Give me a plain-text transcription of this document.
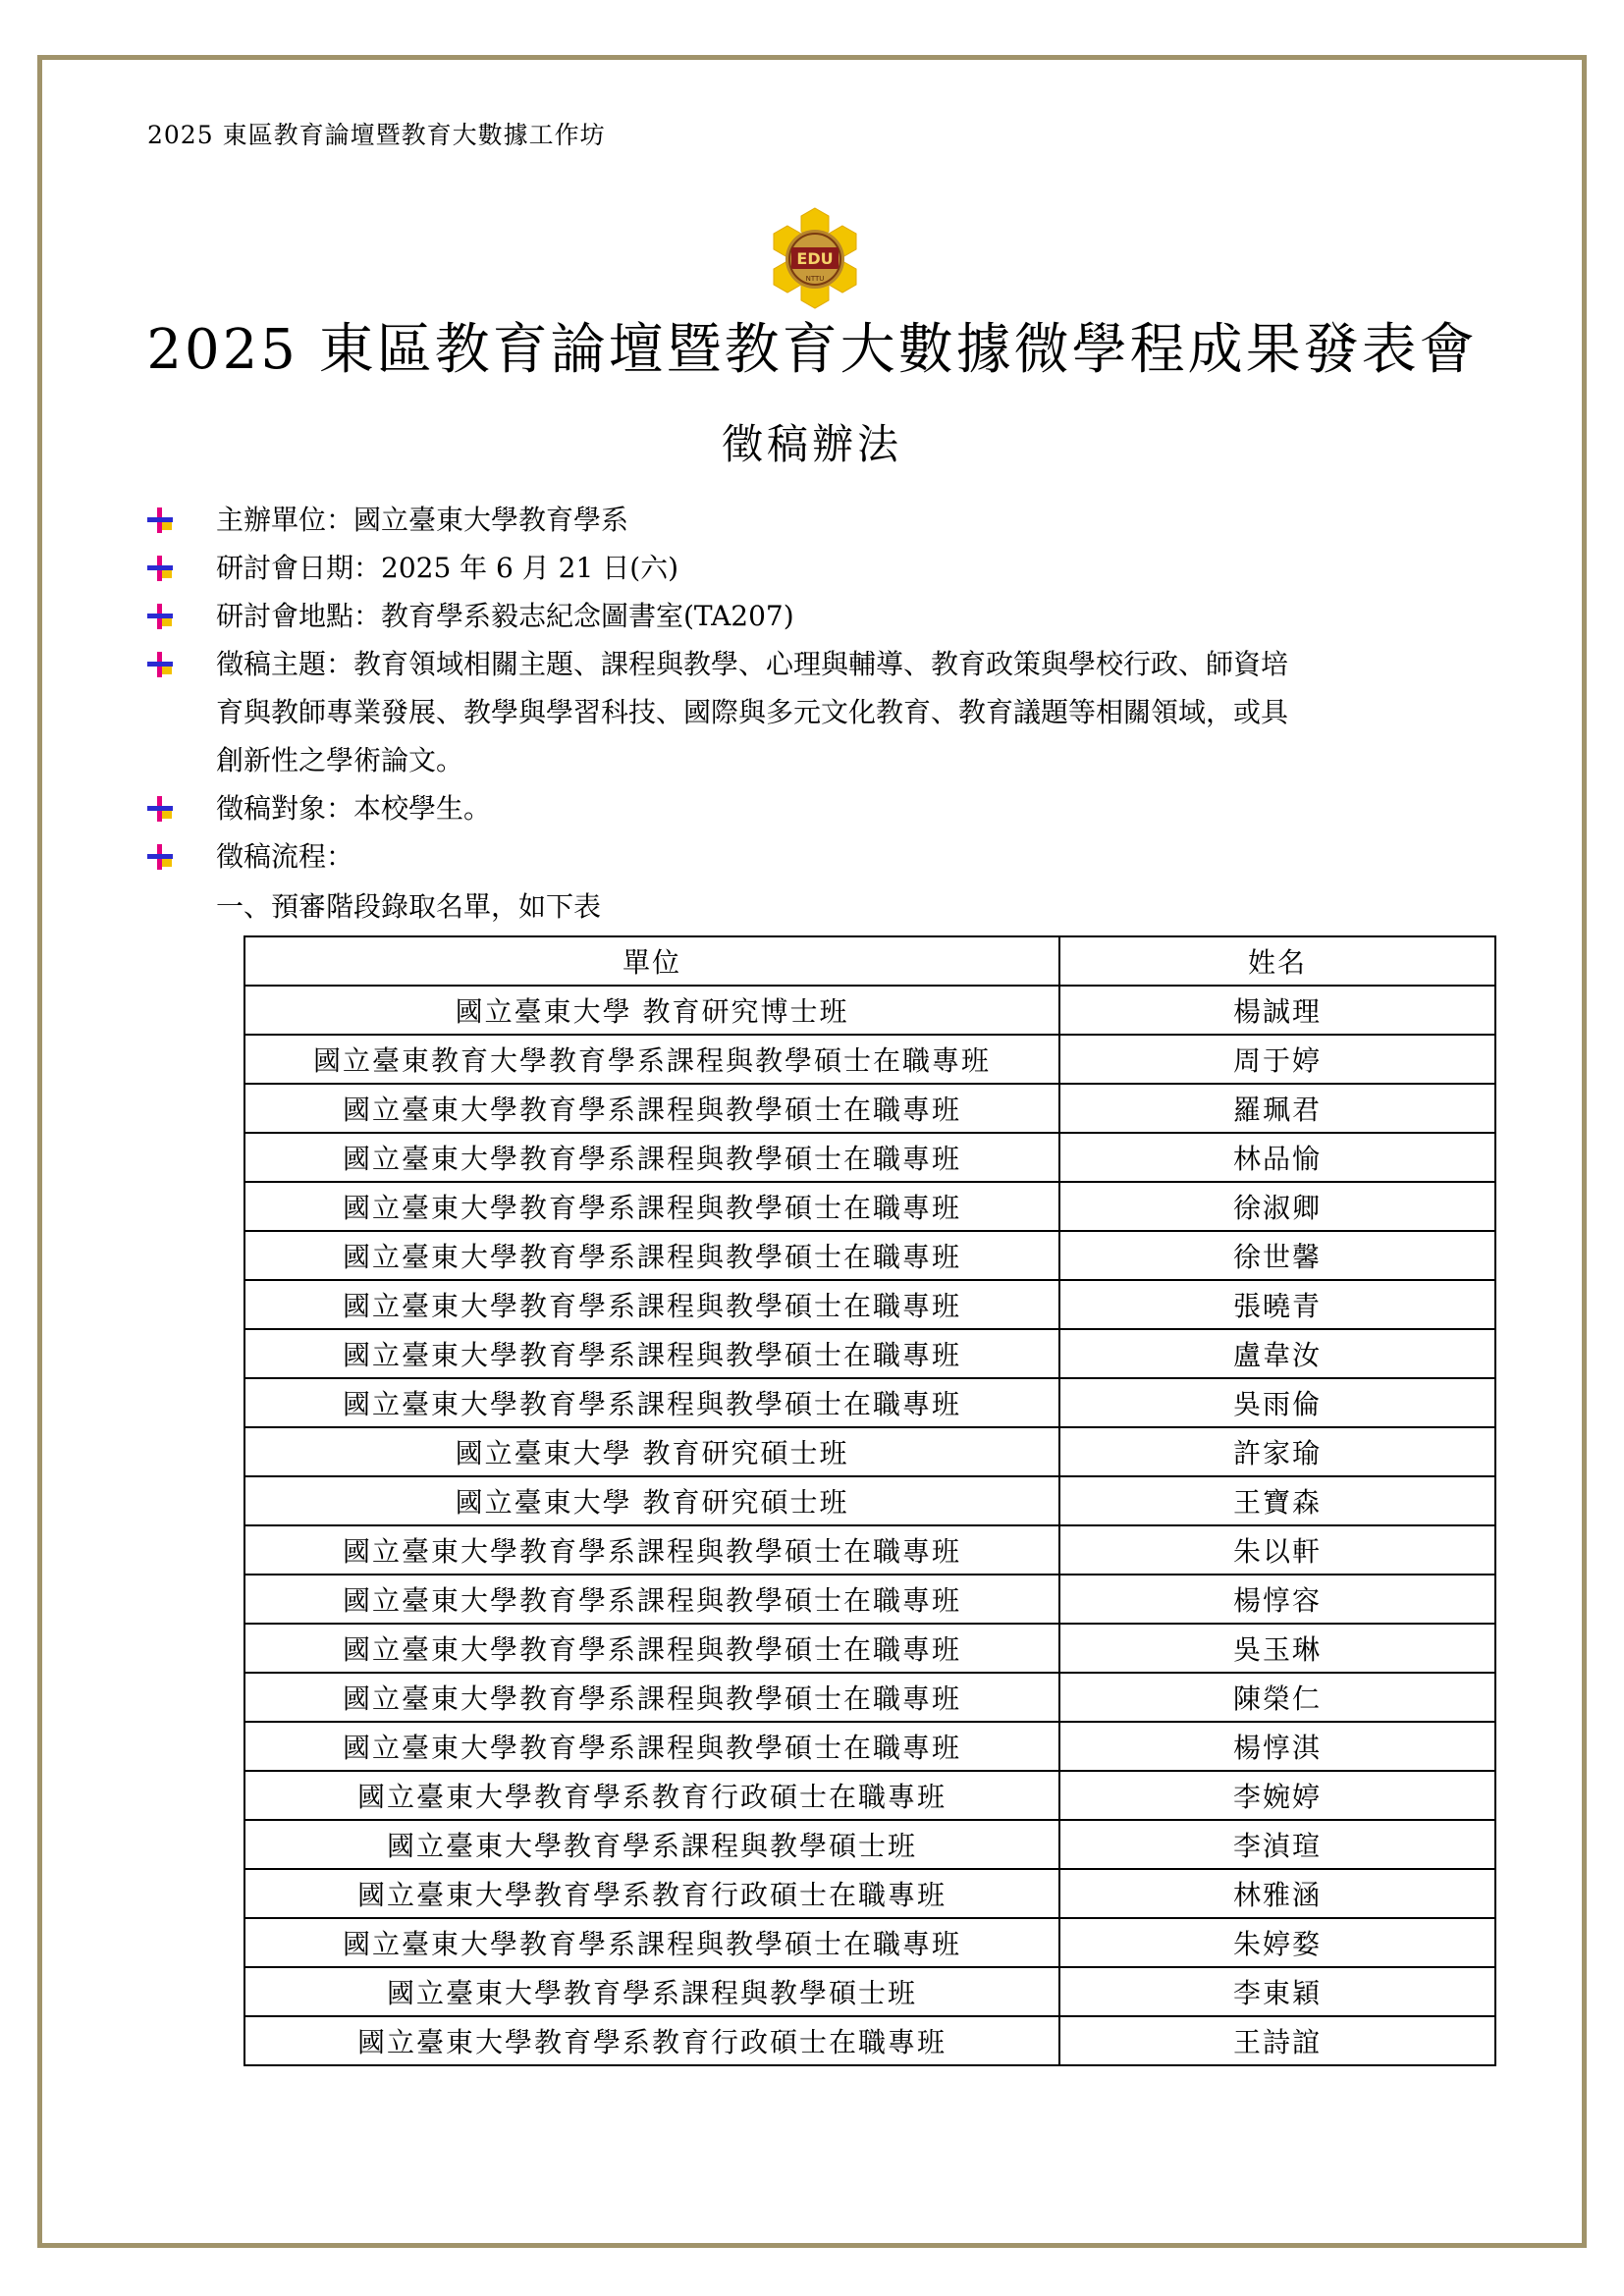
2025 東區教育論壇暨教育大數據工作坊
EDU
NTTU
2025 東區教育論壇暨教育大數據微學程成果發表會
徵稿辦法
主辦單位：國立臺東大學教育學系
研討會日期：2025 年 6 月 21 日(六)
研討會地點：教育學系毅志紀念圖書室(TA207)
徵稿主題：教育領域相關主題、課程與教學、心理與輔導、教育政策與學校行政、師資培
育與教師專業發展、教學與學習科技、國際與多元文化教育、教育議題等相關領域，或具
創新性之學術論文。
徵稿對象：本校學生。
徵稿流程：
一、預審階段錄取名單，如下表
單位	姓名
國立臺東大學 教育研究博士班	楊誠理
國立臺東教育大學教育學系課程與教學碩士在職專班	周于婷
國立臺東大學教育學系課程與教學碩士在職專班	羅珮君
國立臺東大學教育學系課程與教學碩士在職專班	林品愉
國立臺東大學教育學系課程與教學碩士在職專班	徐淑卿
國立臺東大學教育學系課程與教學碩士在職專班	徐世馨
國立臺東大學教育學系課程與教學碩士在職專班	張曉青
國立臺東大學教育學系課程與教學碩士在職專班	盧韋汝
國立臺東大學教育學系課程與教學碩士在職專班	吳雨倫
國立臺東大學 教育研究碩士班	許家瑜
國立臺東大學 教育研究碩士班	王寶森
國立臺東大學教育學系課程與教學碩士在職專班	朱以軒
國立臺東大學教育學系課程與教學碩士在職專班	楊惇容
國立臺東大學教育學系課程與教學碩士在職專班	吳玉琳
國立臺東大學教育學系課程與教學碩士在職專班	陳榮仁
國立臺東大學教育學系課程與教學碩士在職專班	楊惇淇
國立臺東大學教育學系教育行政碩士在職專班	李婉婷
國立臺東大學教育學系課程與教學碩士班	李湞瑄
國立臺東大學教育學系教育行政碩士在職專班	林雅涵
國立臺東大學教育學系課程與教學碩士在職專班	朱婷婺
國立臺東大學教育學系課程與教學碩士班	李東穎
國立臺東大學教育學系教育行政碩士在職專班	王詩誼
